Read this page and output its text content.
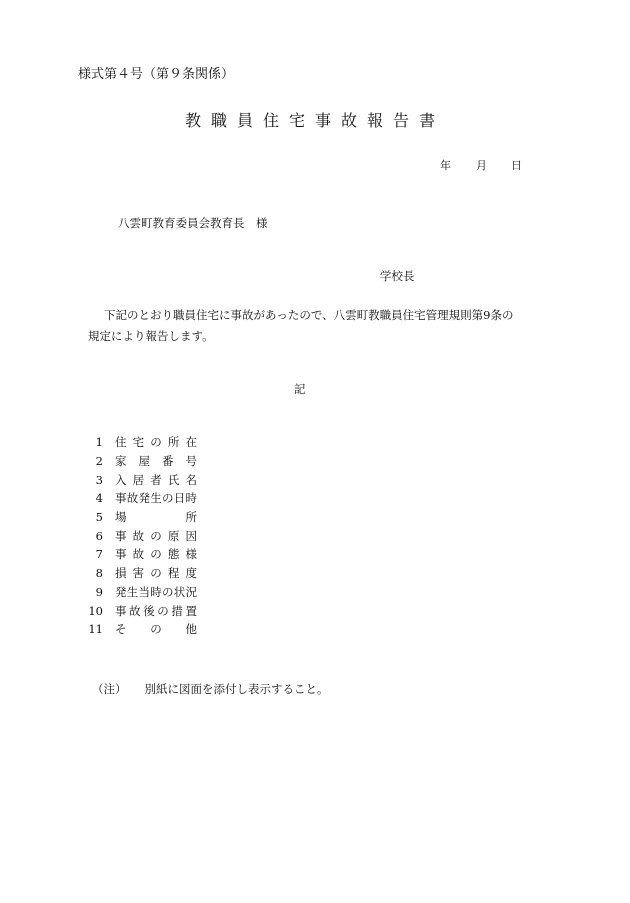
様式第４号（第９条関係）
教職員住宅事故報告書
年 月 日
八雲町教育委員会教育長　様
学校長
下記のとおり職員住宅に事故があったので、八雲町教職員住宅管理規則第9条の
規定により報告します。
記
1 住 宅 の 所 在
2 家 屋 番 号
3 入 居 者 氏 名
4 事 故 発 生 の 日 時
5 場	所
6 事 故 の 原 因
7 事 故 の 態 様
8 損 害 の 程 度
9 発 生 当 時 の 状 況
10 事 故 後 の 措 置
11 そ の 他
（注） 別紙に図面を添付し表示すること。
